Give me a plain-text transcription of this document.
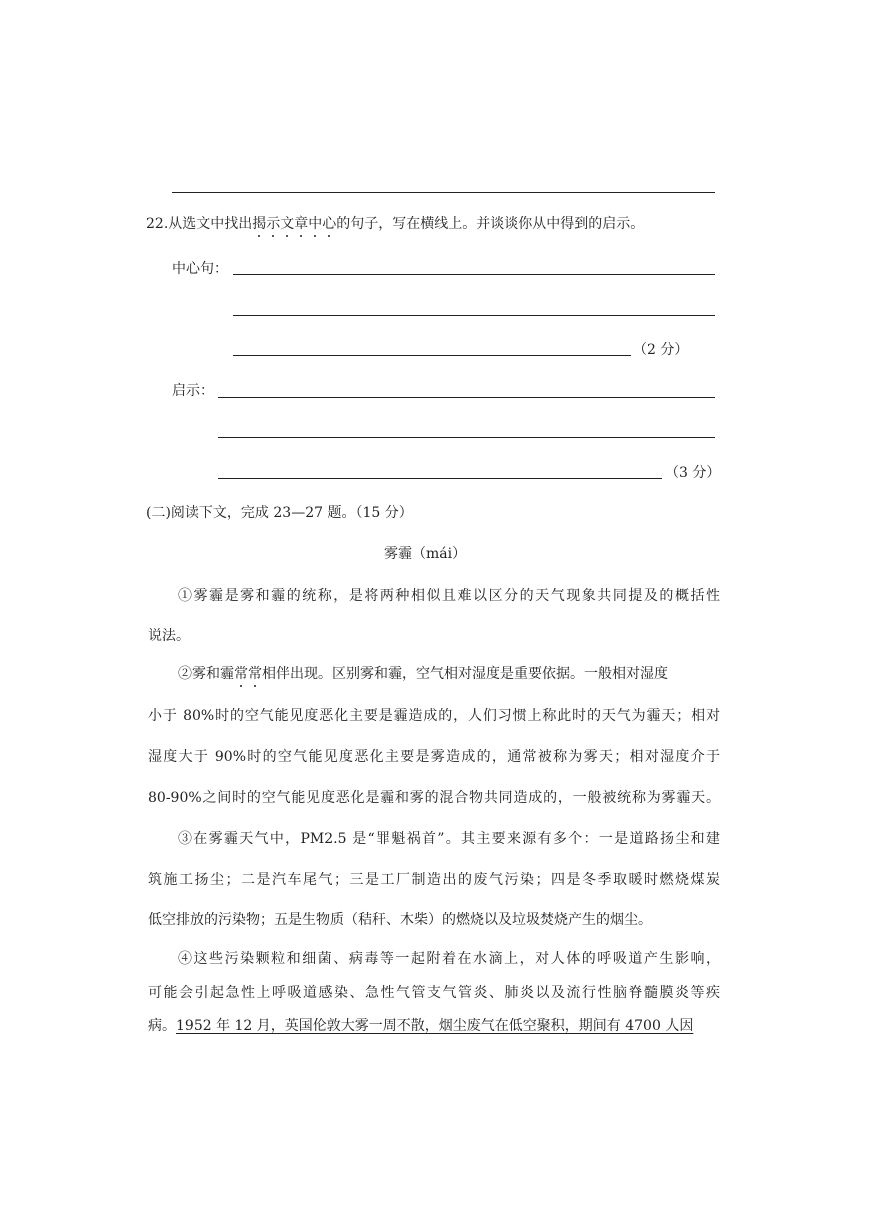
22.从选文中找出揭示文章中心的句子，写在横线上。并谈谈你从中得到的启示。
中心句：
（2 分）
启示：
（3 分）
(二)阅读下文，完成 23—27 题。（15 分）
雾霾（mái）
①雾霾是雾和霾的统称，是将两种相似且难以区分的天气现象共同提及的概括性
说法。
②雾和霾常常相伴出现。区别雾和霾，空气相对湿度是重要依据。一般相对湿度
小于 80%时的空气能见度恶化主要是霾造成的，人们习惯上称此时的天气为霾天；相对
湿度大于 90%时的空气能见度恶化主要是雾造成的，通常被称为雾天；相对湿度介于
80-90%之间时的空气能见度恶化是霾和雾的混合物共同造成的，一般被统称为雾霾天。
③在雾霾天气中，PM2.5 是“罪魁祸首”。其主要来源有多个：一是道路扬尘和建
筑施工扬尘；二是汽车尾气；三是工厂制造出的废气污染；四是冬季取暖时燃烧煤炭
低空排放的污染物；五是生物质（秸秆、木柴）的燃烧以及垃圾焚烧产生的烟尘。
④这些污染颗粒和细菌、病毒等一起附着在水滴上，对人体的呼吸道产生影响，
可能会引起急性上呼吸道感染、急性气管支气管炎、肺炎以及流行性脑脊髓膜炎等疾
病。1952 年 12 月，英国伦敦大雾一周不散，烟尘废气在低空聚积，期间有 4700 人因
